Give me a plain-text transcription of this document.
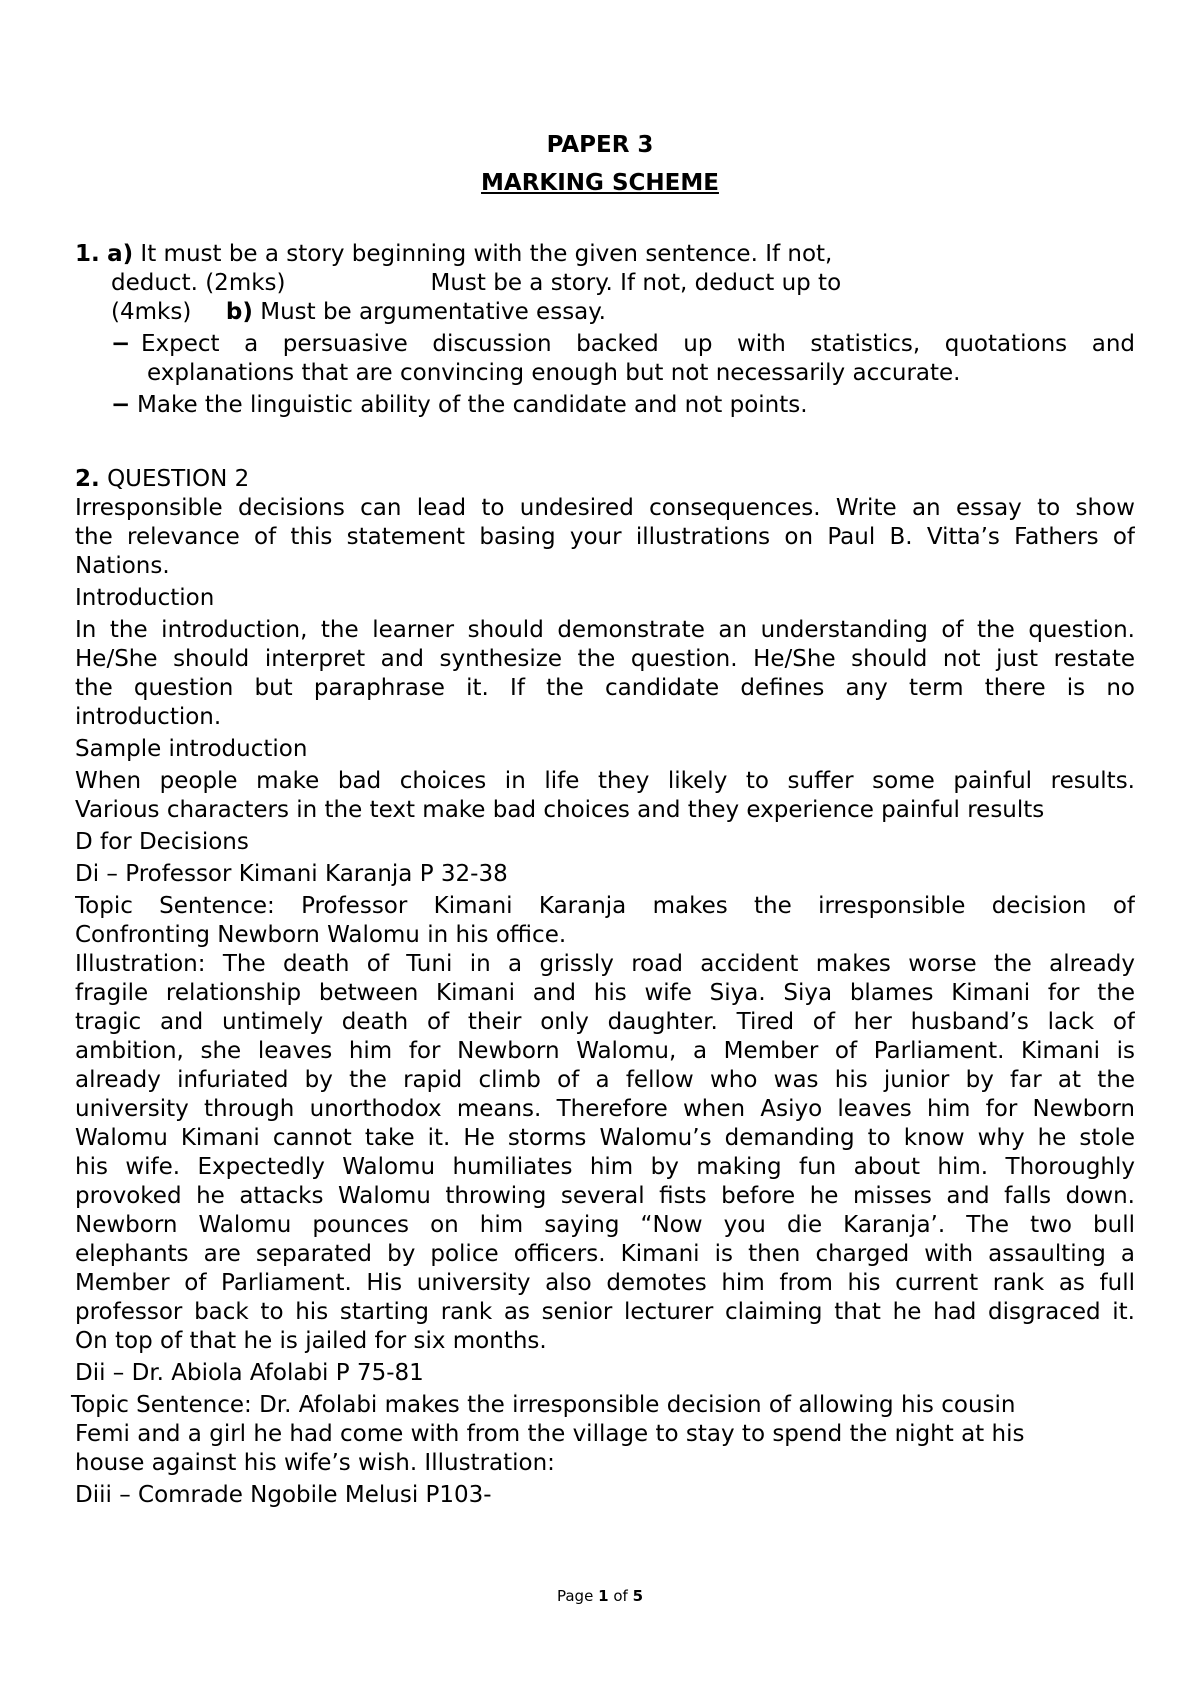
PAPER 3
MARKING SCHEME
1. a) It must be a story beginning with the given sentence. If not,
deduct. (2mks)	Must be a story. If not, deduct up to
(4mks) b) Must be argumentative essay.
− Expect a persuasive discussion backed up with statistics, quotations and
explanations that are convincing enough but not necessarily accurate.
− Make the linguistic ability of the candidate and not points.
2. QUESTION 2
Irresponsible decisions can lead to undesired consequences. Write an essay to show
the relevance of this statement basing your illustrations on Paul B. Vitta’s Fathers of
Nations.
Introduction
In the introduction, the learner should demonstrate an understanding of the question.
He/She should interpret and synthesize the question. He/She should not just restate
the question but paraphrase it. If the candidate defines any term there is no
introduction.
Sample introduction
When people make bad choices in life they likely to suffer some painful results.
Various characters in the text make bad choices and they experience painful results
D for Decisions
Di – Professor Kimani Karanja P 32-38
Topic Sentence: Professor Kimani Karanja makes the irresponsible decision of
Confronting Newborn Walomu in his office.
Illustration: The death of Tuni in a grissly road accident makes worse the already
fragile relationship between Kimani and his wife Siya. Siya blames Kimani for the
tragic and untimely death of their only daughter. Tired of her husband’s lack of
ambition, she leaves him for Newborn Walomu, a Member of Parliament. Kimani is
already infuriated by the rapid climb of a fellow who was his junior by far at the
university through unorthodox means. Therefore when Asiyo leaves him for Newborn
Walomu Kimani cannot take it. He storms Walomu’s demanding to know why he stole
his wife. Expectedly Walomu humiliates him by making fun about him. Thoroughly
provoked he attacks Walomu throwing several fists before he misses and falls down.
Newborn Walomu pounces on him saying “Now you die Karanja’. The two bull
elephants are separated by police officers. Kimani is then charged with assaulting a
Member of Parliament. His university also demotes him from his current rank as full
professor back to his starting rank as senior lecturer claiming that he had disgraced it.
On top of that he is jailed for six months.
Dii – Dr. Abiola Afolabi P 75-81
Topic Sentence: Dr. Afolabi makes the irresponsible decision of allowing his cousin
Femi and a girl he had come with from the village to stay to spend the night at his
house against his wife’s wish. Illustration:
Diii – Comrade Ngobile Melusi P103-
Page 1 of 5
